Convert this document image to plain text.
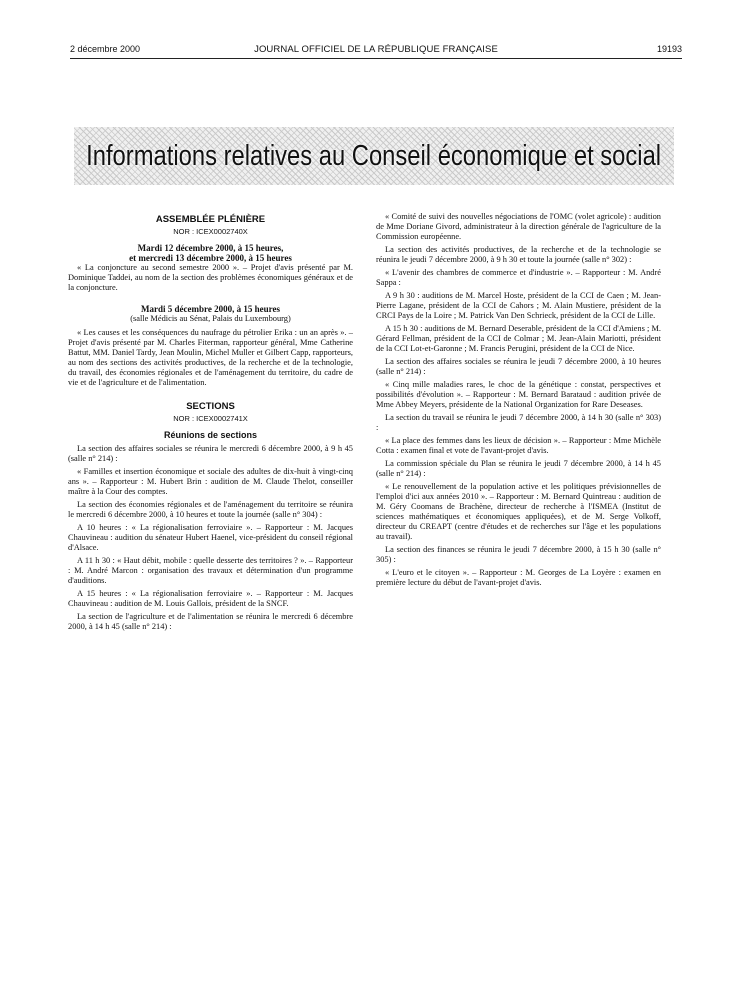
2 décembre 2000	JOURNAL OFFICIEL DE LA RÉPUBLIQUE FRANÇAISE	19193
Informations relatives au Conseil économique et social
ASSEMBLÉE PLÉNIÈRE
NOR : ICEX0002740X
Mardi 12 décembre 2000, à 15 heures,
et mercredi 13 décembre 2000, à 15 heures

« La conjoncture au second semestre 2000 ». – Projet d'avis présenté par M. Dominique Taddei, au nom de la section des problèmes économiques généraux et de la conjoncture.

Mardi 5 décembre 2000, à 15 heures
(salle Médicis au Sénat, Palais du Luxembourg)

« Les causes et les conséquences du naufrage du pétrolier Erika : un an après ». – Projet d'avis présenté par M. Charles Fiterman, rapporteur général, Mme Catherine Battut, MM. Daniel Tardy, Jean Moulin, Michel Muller et Gilbert Capp, rapporteurs, au nom des sections des activités productives, de la recherche et de la technologie, du travail, des économies régionales et de l'aménagement du territoire, du cadre de vie et de l'agriculture et de l'alimentation.

SECTIONS
NOR : ICEX0002741X
Réunions de sections

La section des affaires sociales se réunira le mercredi 6 décembre 2000, à 9 h 45 (salle n° 214) :

« Familles et insertion économique et sociale des adultes de dix-huit à vingt-cinq ans ». – Rapporteur : M. Hubert Brin : audition de M. Claude Thelot, conseiller maître à la Cour des comptes.

La section des économies régionales et de l'aménagement du territoire se réunira le mercredi 6 décembre 2000, à 10 heures et toute la journée (salle n° 304) :

A 10 heures : « La régionalisation ferroviaire ». – Rapporteur : M. Jacques Chauvineau : audition du sénateur Hubert Haenel, vice-président du conseil régional d'Alsace.

A 11 h 30 : « Haut débit, mobile : quelle desserte des territoires ? ». – Rapporteur : M. André Marcon : organisation des travaux et détermination d'un programme d'auditions.

A 15 heures : « La régionalisation ferroviaire ». – Rapporteur : M. Jacques Chauvineau : audition de M. Louis Gallois, président de la SNCF.

La section de l'agriculture et de l'alimentation se réunira le mercredi 6 décembre 2000, à 14 h 45 (salle n° 214) :

« Comité de suivi des nouvelles négociations de l'OMC (volet agricole) : audition de Mme Doriane Givord, administrateur à la direction générale de l'agriculture de la Commission européenne.

La section des activités productives, de la recherche et de la technologie se réunira le jeudi 7 décembre 2000, à 9 h 30 et toute la journée (salle n° 302) :

« L'avenir des chambres de commerce et d'industrie ». – Rapporteur : M. André Sappa :

A 9 h 30 : auditions de M. Marcel Hoste, président de la CCI de Caen ; M. Jean-Pierre Lagane, président de la CCI de Cahors ; M. Alain Mustiere, président de la CRCI Pays de la Loire ; M. Patrick Van Den Schrieck, président de la CCI de Lille.

A 15 h 30 : auditions de M. Bernard Deserable, président de la CCI d'Amiens ; M. Gérard Fellman, président de la CCI de Colmar ; M. Jean-Alain Mariotti, président de la CCI Lot-et-Garonne ; M. Francis Perugini, président de la CCI de Nice.

La section des affaires sociales se réunira le jeudi 7 décembre 2000, à 10 heures (salle n° 214) :

« Cinq mille maladies rares, le choc de la génétique : constat, perspectives et possibilités d'évolution ». – Rapporteur : M. Bernard Barataud : audition privée de Mme Abbey Meyers, présidente de la National Organization for Rare Deseases.

La section du travail se réunira le jeudi 7 décembre 2000, à 14 h 30 (salle n° 303) :

« La place des femmes dans les lieux de décision ». – Rapporteur : Mme Michèle Cotta : examen final et vote de l'avant-projet d'avis.

La commission spéciale du Plan se réunira le jeudi 7 décembre 2000, à 14 h 45 (salle n° 214) :

« Le renouvellement de la population active et les politiques prévisionnelles de l'emploi d'ici aux années 2010 ». – Rapporteur : M. Bernard Quintreau : audition de M. Géry Coomans de Brachène, directeur de recherche à l'ISMEA (Institut de sciences mathématiques et économiques appliquées), et de M. Serge Volkoff, directeur du CREAPT (centre d'études et de recherches sur l'âge et les populations au travail).

La section des finances se réunira le jeudi 7 décembre 2000, à 15 h 30 (salle n° 305) :

« L'euro et le citoyen ». – Rapporteur : M. Georges de La Loyère : examen en première lecture du début de l'avant-projet d'avis.
